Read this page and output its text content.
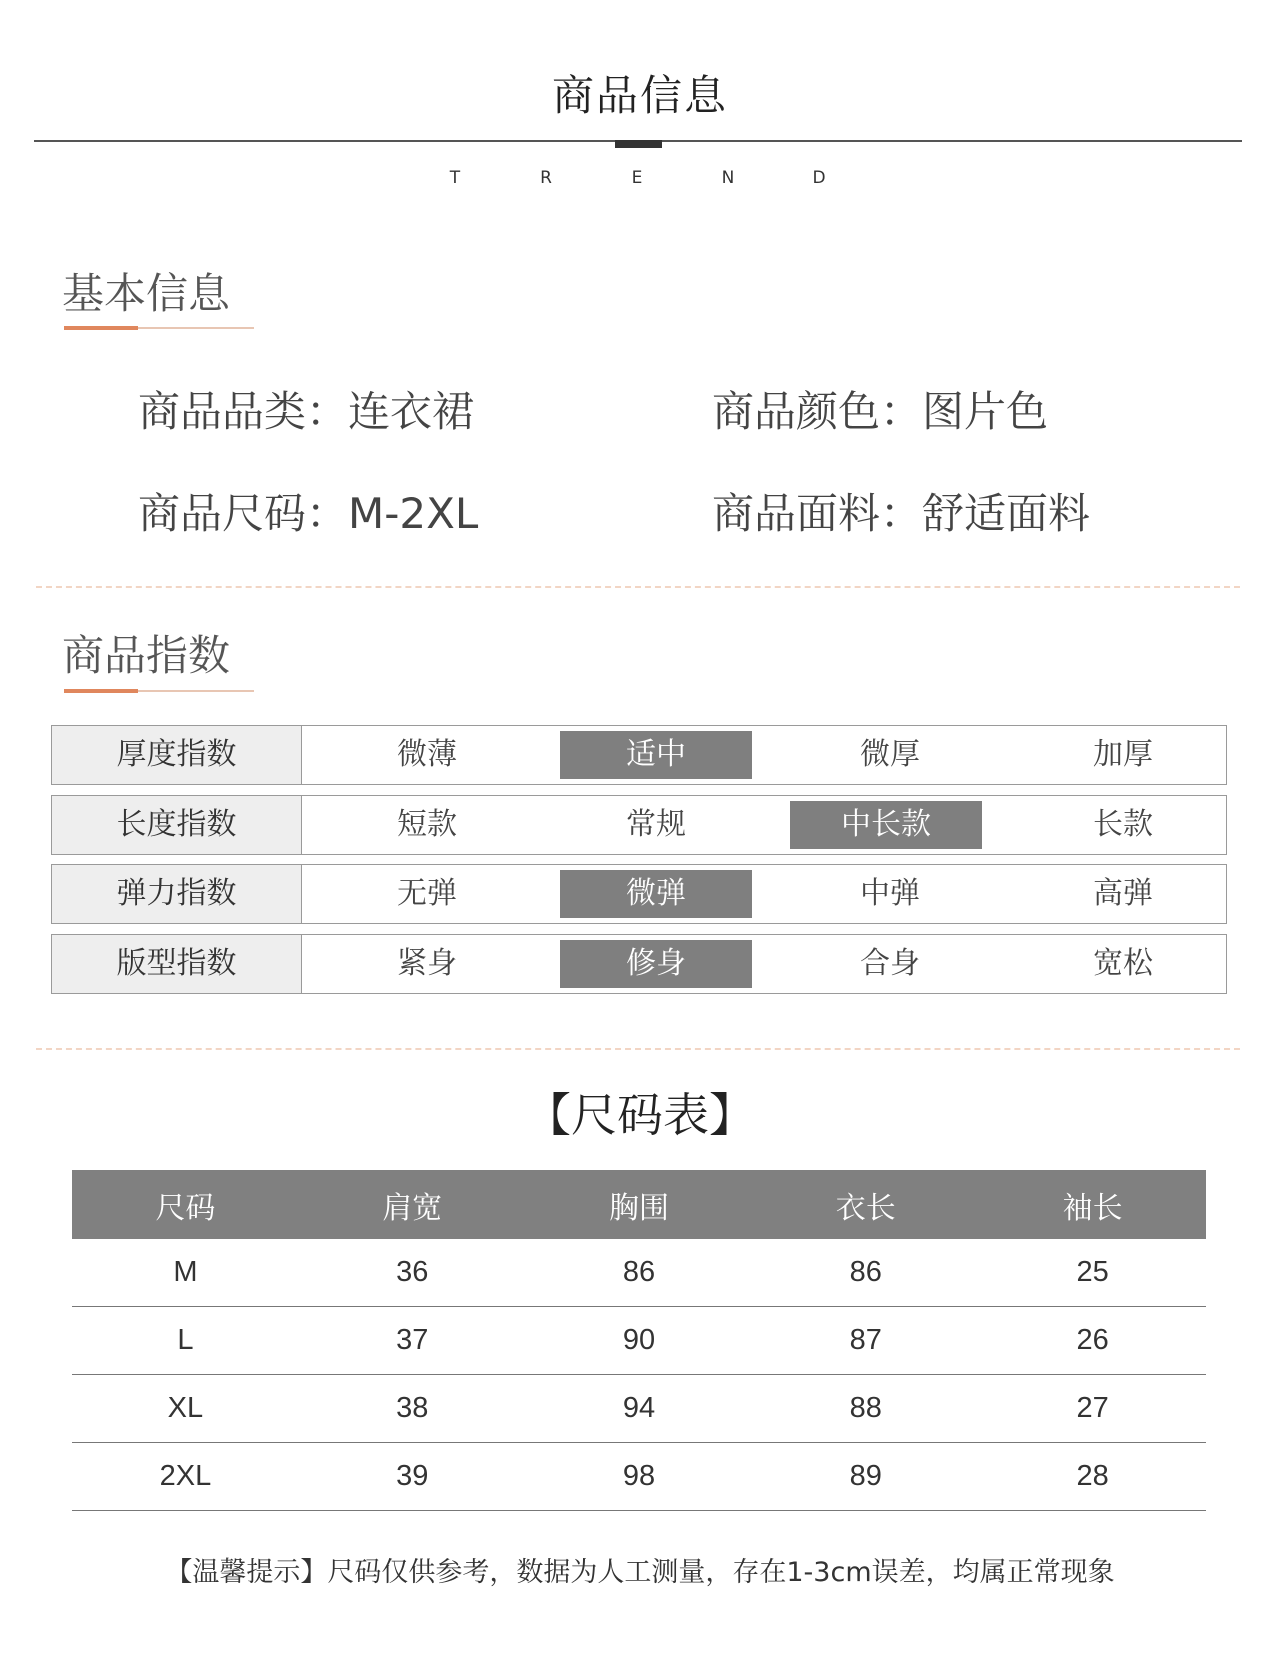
商品信息
T	R	E	N	D
基本信息
商品品类：连衣裙	商品颜色：图片色
商品尺码：M-2XL	商品面料：舒适面料
商品指数
厚度指数	微薄	适中	微厚	加厚
长度指数	短款	常规	中长款	长款
弹力指数	无弹	微弹	中弹	高弹
版型指数	紧身	修身	合身	宽松
【尺码表】
尺码	肩宽	胸围	衣长	袖长
M	36	86	86	25
L	37	90	87	26
XL	38	94	88	27
2XL	39	98	89	28
【温馨提示】尺码仅供参考，数据为人工测量，存在1-3cm误差，均属正常现象
